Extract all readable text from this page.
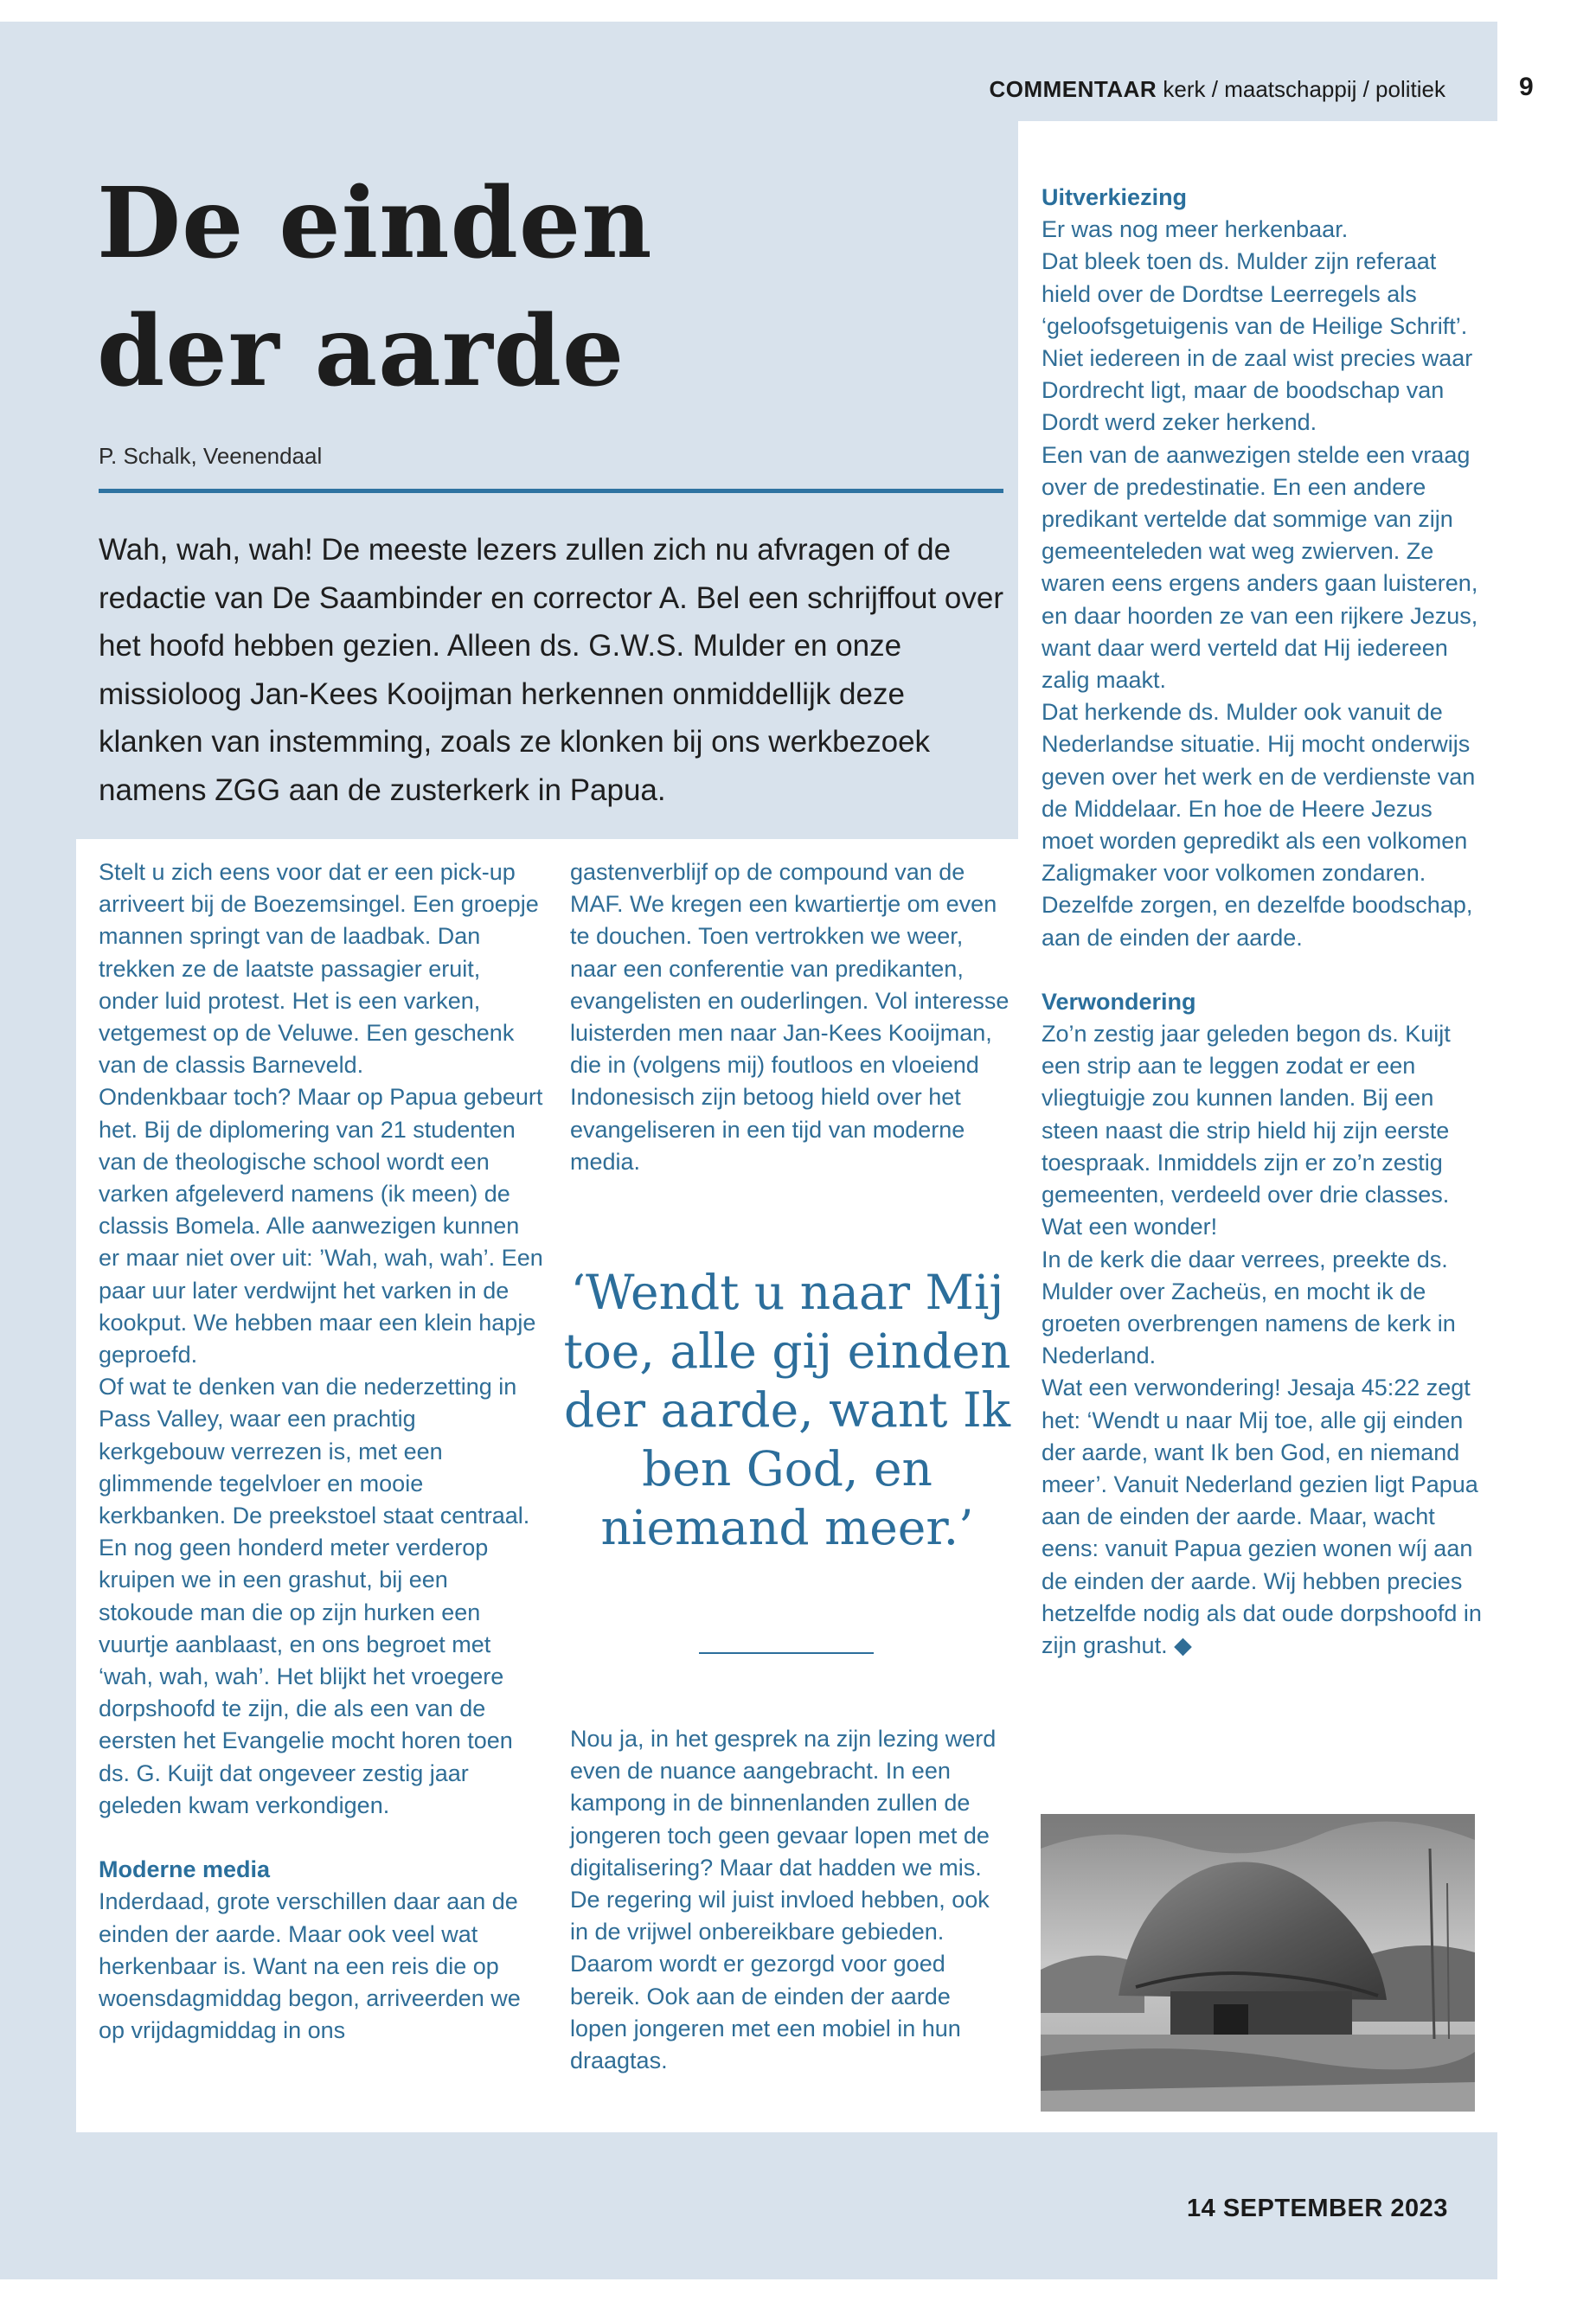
COMMENTAAR kerk / maatschappij / politiek	9
De einden
der aarde
P. Schalk, Veenendaal
Wah, wah, wah! De meeste lezers zullen zich nu afvragen of de redactie van De Saambinder en corrector A. Bel een schrijffout over het hoofd hebben gezien. Alleen ds. G.W.S. Mulder en onze missioloog Jan-Kees Kooijman herkennen onmiddellijk deze klanken van instemming, zoals ze klonken bij ons werkbezoek namens ZGG aan de zusterkerk in Papua.

Stelt u zich eens voor dat er een pick-up arriveert bij de Boezemsingel. Een groepje mannen springt van de laadbak. Dan trekken ze de laatste passagier eruit, onder luid protest. Het is een varken, vetgemest op de Veluwe. Een geschenk van de classis Barneveld.

Ondenkbaar toch? Maar op Papua gebeurt het. Bij de diplomering van 21 studenten van de theologische school wordt een varken afgeleverd namens (ik meen) de classis Bomela. Alle aanwezigen kunnen er maar niet over uit: ’Wah, wah, wah’. Een paar uur later verdwijnt het varken in de kookput. We hebben maar een klein hapje geproefd.

Of wat te denken van die nederzetting in Pass Valley, waar een prachtig kerkgebouw verrezen is, met een glimmende tegelvloer en mooie kerkbanken. De preekstoel staat centraal. En nog geen honderd meter verderop kruipen we in een grashut, bij een stokoude man die op zijn hurken een vuurtje aanblaast, en ons begroet met ‘wah, wah, wah’. Het blijkt het vroegere dorpshoofd te zijn, die als een van de eersten het Evangelie mocht horen toen ds. G. Kuijt dat ongeveer zestig jaar geleden kwam verkondigen.

Moderne media

Inderdaad, grote verschillen daar aan de einden der aarde. Maar ook veel wat herkenbaar is. Want na een reis die op woensdagmiddag begon, arriveerden we op vrijdagmiddag in ons

gastenverblijf op de compound van de MAF. We kregen een kwartiertje om even te douchen. Toen vertrokken we weer, naar een conferentie van predikanten, evangelisten en ouderlingen. Vol interesse luisterden men naar Jan-Kees Kooijman, die in (volgens mij) foutloos en vloeiend Indonesisch zijn betoog hield over het evangeliseren in een tijd van moderne media.

‘Wendt u naar Mij toe, alle gij einden der aarde, want Ik ben God, en niemand meer.’

Nou ja, in het gesprek na zijn lezing werd even de nuance aangebracht. In een kampong in de binnenlanden zullen de jongeren toch geen gevaar lopen met de digitalisering? Maar dat hadden we mis. De regering wil juist invloed hebben, ook in de vrijwel onbereikbare gebieden. Daarom wordt er gezorgd voor goed bereik. Ook aan de einden der aarde lopen jongeren met een mobiel in hun draagtas.

Uitverkiezing

Er was nog meer herkenbaar.

Dat bleek toen ds. Mulder zijn referaat hield over de Dordtse Leerregels als ‘geloofsgetuigenis van de Heilige Schrift’. Niet iedereen in de zaal wist precies waar Dordrecht ligt, maar de boodschap van Dordt werd zeker herkend.

Een van de aanwezigen stelde een vraag over de predestinatie. En een andere predikant vertelde dat sommige van zijn gemeenteleden wat weg zwierven. Ze waren eens ergens anders gaan luisteren, en daar hoorden ze van een rijkere Jezus, want daar werd verteld dat Hij iedereen zalig maakt.

Dat herkende ds. Mulder ook vanuit de Nederlandse situatie. Hij mocht onderwijs geven over het werk en de verdienste van de Middelaar. En hoe de Heere Jezus moet worden gepredikt als een volkomen Zaligmaker voor volkomen zondaren. Dezelfde zorgen, en dezelfde boodschap, aan de einden der aarde.

Verwondering

Zo’n zestig jaar geleden begon ds. Kuijt een strip aan te leggen zodat er een vliegtuigje zou kunnen landen. Bij een steen naast die strip hield hij zijn eerste toespraak. Inmiddels zijn er zo’n zestig gemeenten, verdeeld over drie classes. Wat een wonder!

In de kerk die daar verrees, preekte ds. Mulder over Zacheüs, en mocht ik de groeten overbrengen namens de kerk in Nederland.

Wat een verwondering! Jesaja 45:22 zegt het: ‘Wendt u naar Mij toe, alle gij einden der aarde, want Ik ben God, en niemand meer’. Vanuit Nederland gezien ligt Papua aan de einden der aarde. Maar, wacht eens: vanuit Papua gezien wonen wíj aan de einden der aarde. Wij hebben precies hetzelfde nodig als dat oude dorpshoofd in zijn grashut. ◆

14 SEPTEMBER 2023
